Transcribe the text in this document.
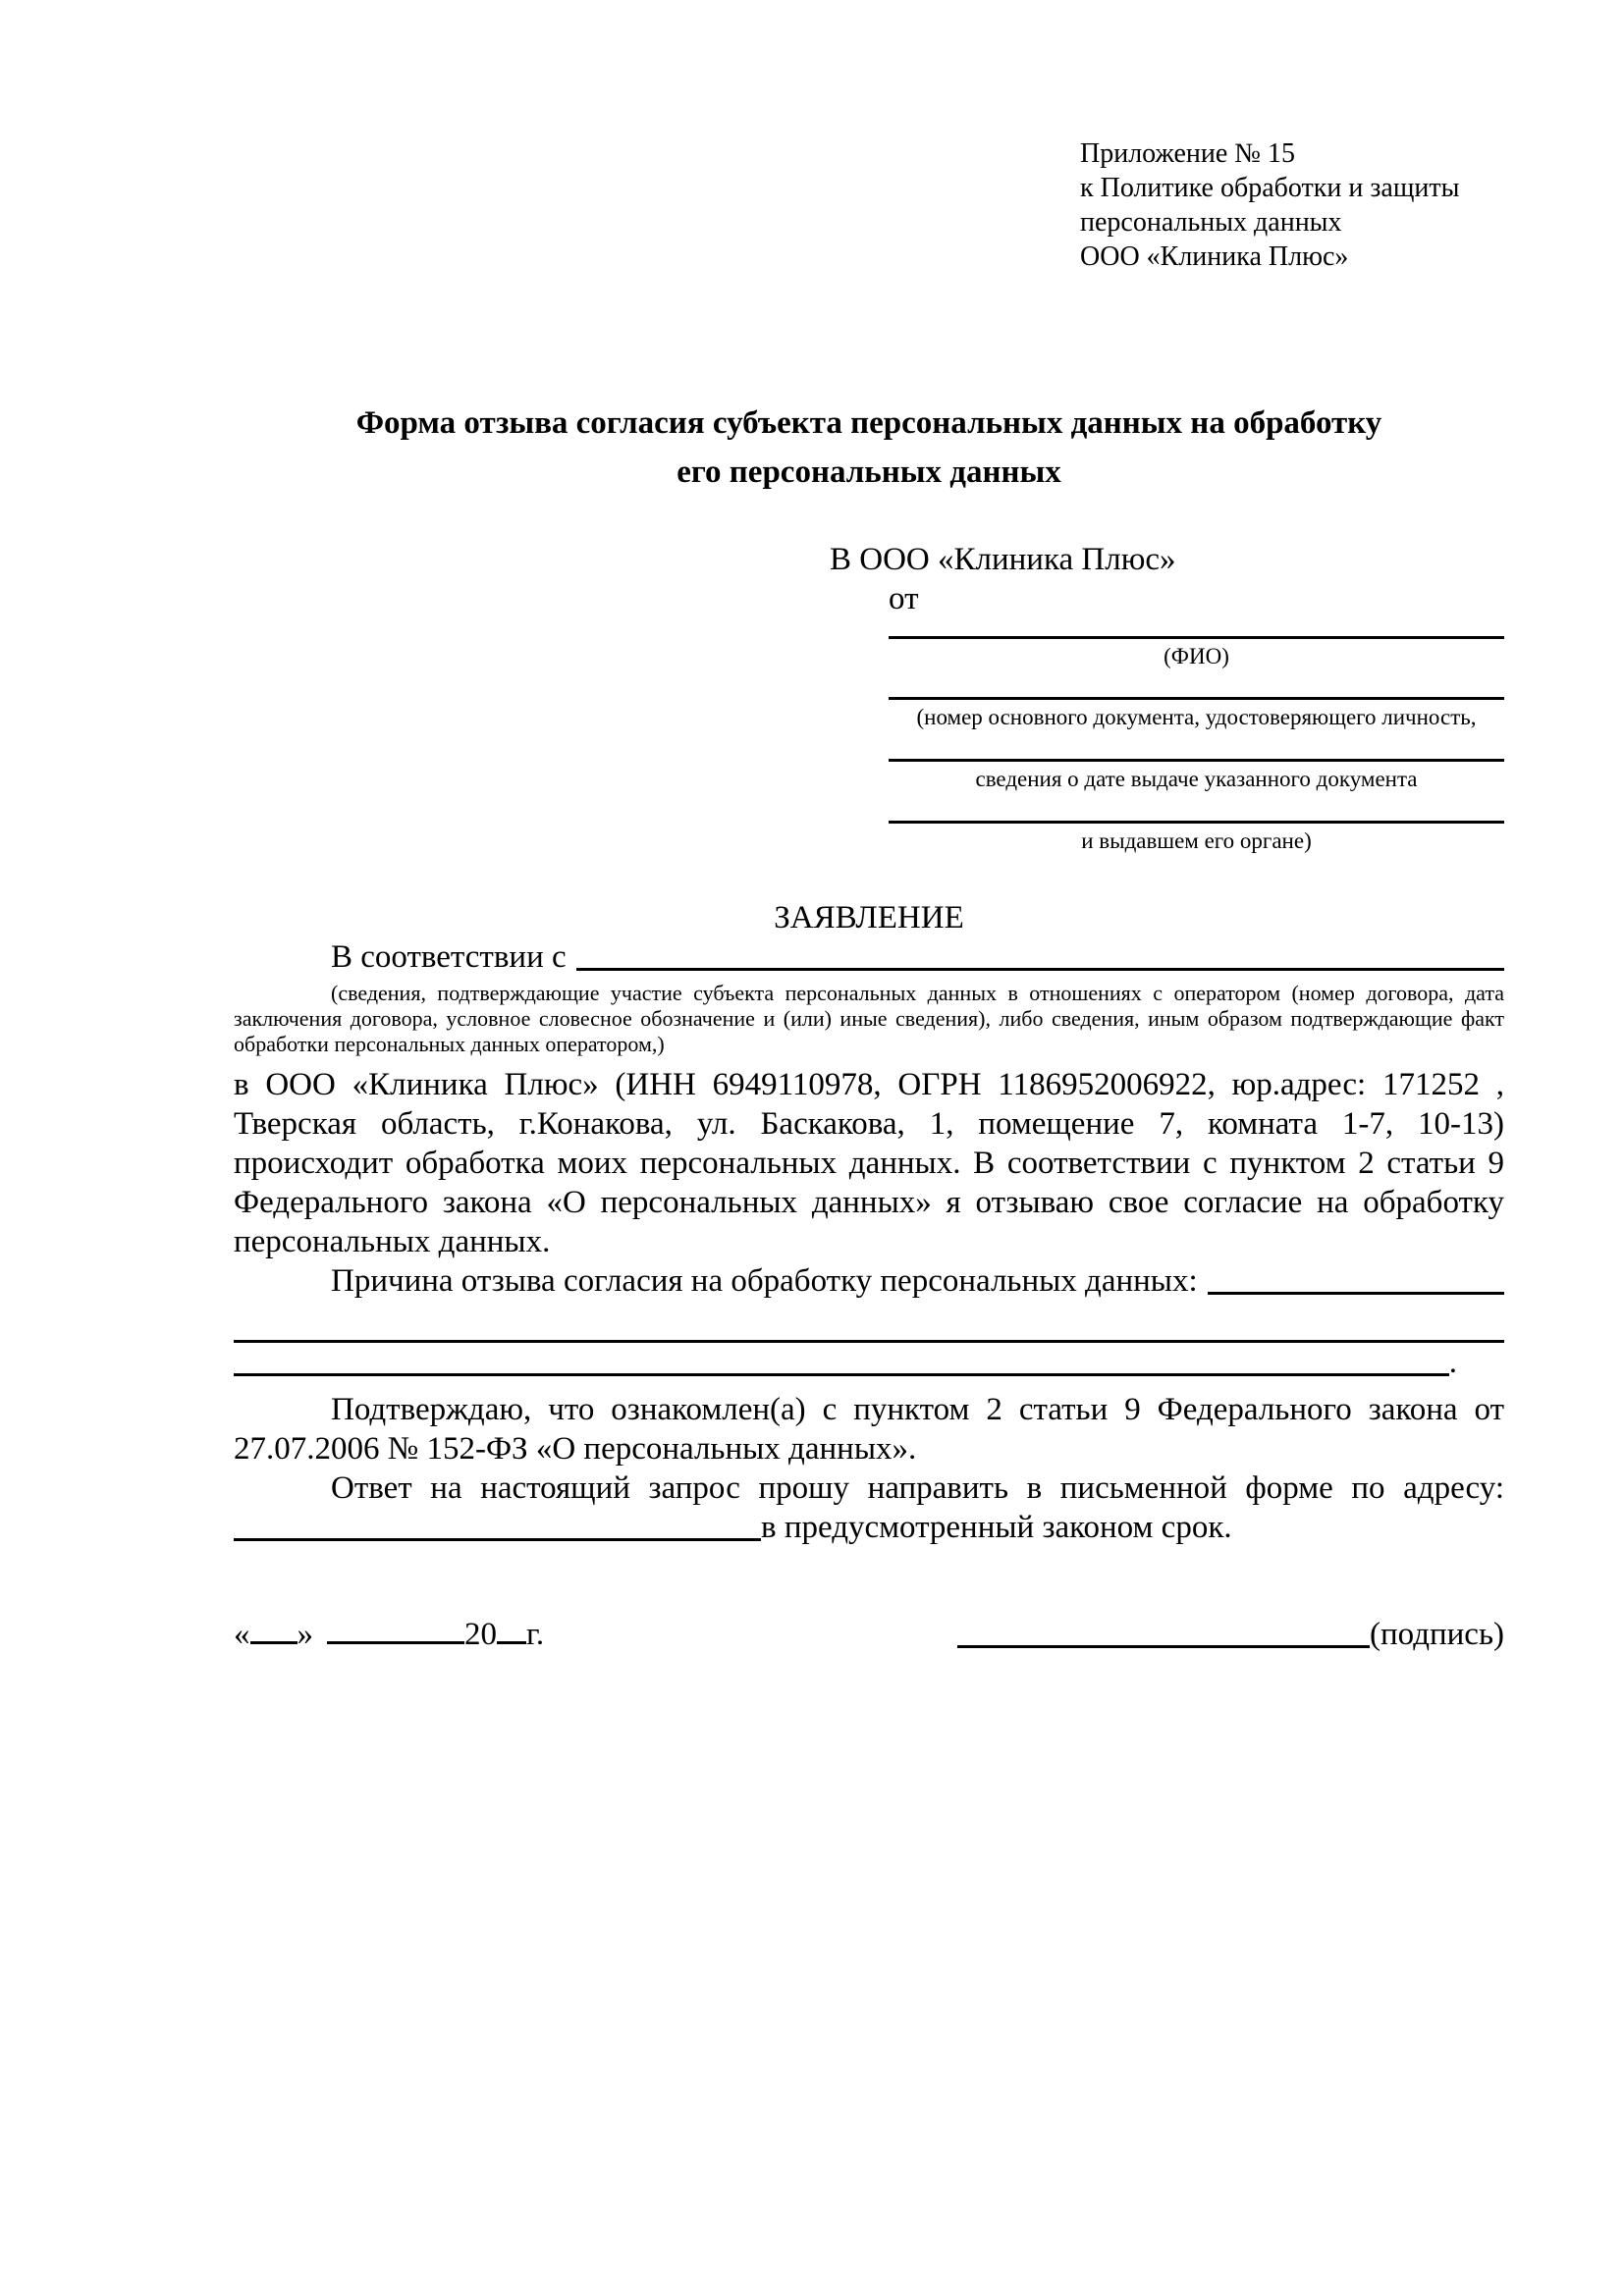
Приложение № 15
к Политике обработки и защиты
персональных данных
ООО «Клиника Плюс»
Форма отзыва согласия субъекта персональных данных на обработку
его персональных данных
В ООО «Клиника Плюс»
от
(ФИО)
(номер основного документа, удостоверяющего личность,
сведения о дате выдаче указанного документа
и выдавшем его органе)
ЗАЯВЛЕНИЕ
В соответствии с
(сведения, подтверждающие участие субъекта персональных данных в отношениях с оператором (номер договора, дата заключения договора, условное словесное обозначение и (или) иные сведения), либо сведения, иным образом подтверждающие факт обработки персональных данных оператором,)
в ООО «Клиника Плюс» (ИНН 6949110978, ОГРН 1186952006922, юр.адрес: 171252 , Тверская область, г.Конакова, ул. Баскакова, 1, помещение 7, комната 1-7, 10-13) происходит обработка моих персональных данных. В соответствии с пунктом 2 статьи 9 Федерального закона «О персональных данных» я отзываю свое согласие на обработку персональных данных.
Причина отзыва согласия на обработку персональных данных:
.
Подтверждаю, что ознакомлен(а) с пунктом 2 статьи 9 Федерального закона от 27.07.2006 № 152-ФЗ «О персональных данных».
Ответ на настоящий запрос прошу направить в письменной форме по адресу:
в предусмотренный законом срок.
« »	20 г.	(подпись)
